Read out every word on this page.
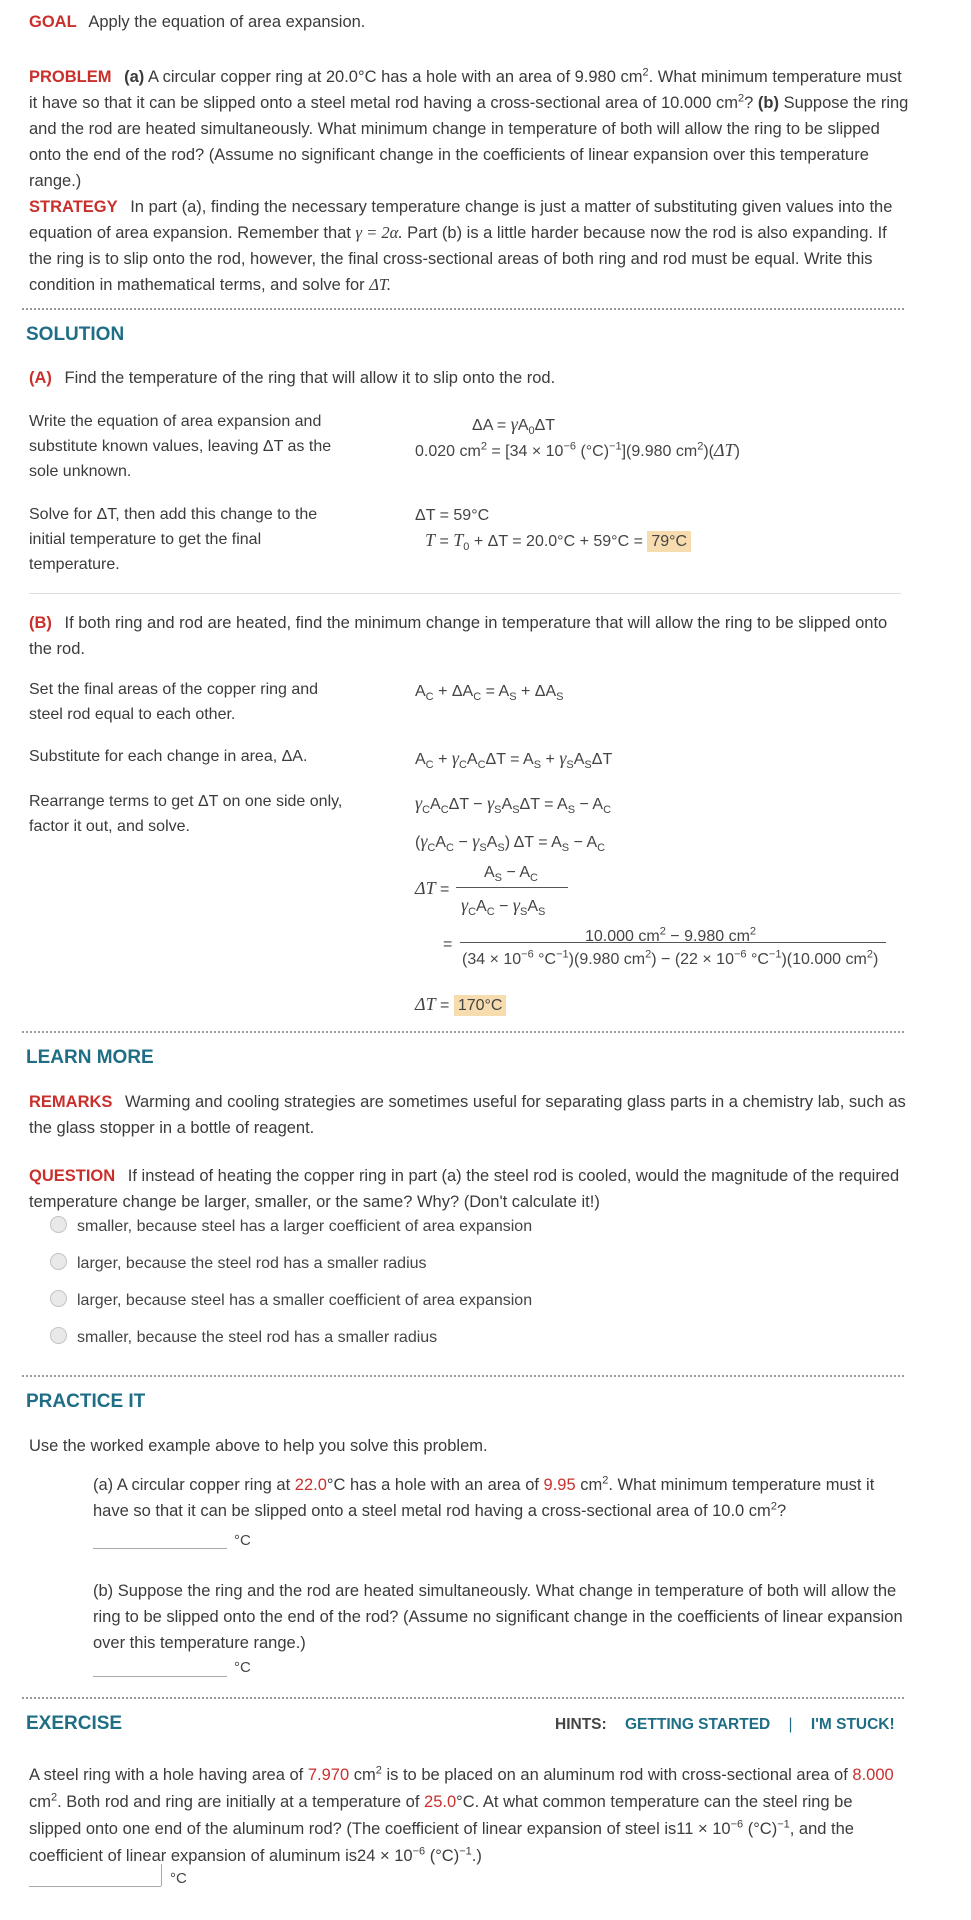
GOAL Apply the equation of area expansion.
PROBLEM (a) A circular copper ring at 20.0°C has a hole with an area of 9.980 $cm^2$. What minimum temperature must it have so that it can be slipped onto a steel metal rod having a cross-sectional area of 10.000 $cm^2$? (b) Suppose the ring and the rod are heated simultaneously. What minimum change in temperature of both will allow the ring to be slipped onto the end of the rod? (Assume no significant change in the coefficients of linear expansion over this temperature range.)
STRATEGY In part (a), finding the necessary temperature change is just a matter of substituting given values into the equation of area expansion. Remember that γ = 2α. Part (b) is a little harder because now the rod is also expanding. If the ring is to slip onto the rod, however, the final cross-sectional areas of both ring and rod must be equal. Write this condition in mathematical terms, and solve for ΔT.
SOLUTION
(A) Find the temperature of the ring that will allow it to slip onto the rod.
Write the equation of area expansion and substitute known values, leaving ΔT as the sole unknown.
$\Delta A = \gamma A_0\Delta T$
0.020 $cm^2 = [34 \times 10^{-6}$ $(^\circ C)^{-1}](9.980$ $cm^2)(\Delta T)$
Solve for ΔT, then add this change to the initial temperature to get the final temperature.
ΔT = 59°C
$T = T_0 + \Delta T = 20.0^\circ C + 59^\circ C = 79^\circ C$
(B) If both ring and rod are heated, find the minimum change in temperature that will allow the ring to be slipped onto the rod.
Set the final areas of the copper ring and steel rod equal to each other.
$A_C + \Delta A_C = A_S + \Delta A_S$
Substitute for each change in area, ΔA.	$A_C + \gamma_CA_C\Delta T = A_S + \gamma_SA_S\Delta T$
Rearrange terms to get ΔT on one side only, factor it out, and solve.
$\gamma_CA_C\Delta T - \gamma_SA_S\Delta T = A_S - A_C$
$(\gamma_CA_C - \gamma_SA_S) \Delta T = A_S - A_C$
ΔT =
$A_S - A_C$
$\gamma_CA_C - \gamma_SA_S$
10.000 $cm^2 - 9.980$ $cm^2$
=
($34 \times 10^{-6}$ $^\circ C^{-1})(9.980$ $cm^2) - (22 \times 10^{-6}$ $^\circ C^{-1})(10.000$ $cm^2$)
ΔT = 170°C
LEARN MORE
REMARKS Warming and cooling strategies are sometimes useful for separating glass parts in a chemistry lab, such as the glass stopper in a bottle of reagent.
QUESTION If instead of heating the copper ring in part (a) the steel rod is cooled, would the magnitude of the required temperature change be larger, smaller, or the same? Why? (Don't calculate it!)
smaller, because steel has a larger coefficient of area expansion
larger, because the steel rod has a smaller radius
larger, because steel has a smaller coefficient of area expansion
smaller, because the steel rod has a smaller radius
PRACTICE IT
Use the worked example above to help you solve this problem.
(a) A circular copper ring at 22.0°C has a hole with an area of 9.95 $cm^2$. What minimum temperature must it have so that it can be slipped onto a steel metal rod having a cross-sectional area of 10.0 $cm^2$?
°C
(b) Suppose the ring and the rod are heated simultaneously. What change in temperature of both will allow the ring to be slipped onto the end of the rod? (Assume no significant change in the coefficients of linear expansion over this temperature range.)
°C
EXERCISE	HINTS: GETTING STARTED | I'M STUCK!
A steel ring with a hole having area of 7.970 $cm^2$ is to be placed on an aluminum rod with cross-sectional area of 8.000 $cm^2$. Both rod and ring are initially at a temperature of 25.0°C. At what common temperature can the steel ring be slipped onto one end of the aluminum rod? (The coefficient of linear expansion of steel $is11 \times 10^{-6}$ $(^\circ C)^{-1}$, and the coefficient of linear expansion of aluminum $is24 \times 10^{-6}$ $(^\circ C)^{-1}$.)
°C
